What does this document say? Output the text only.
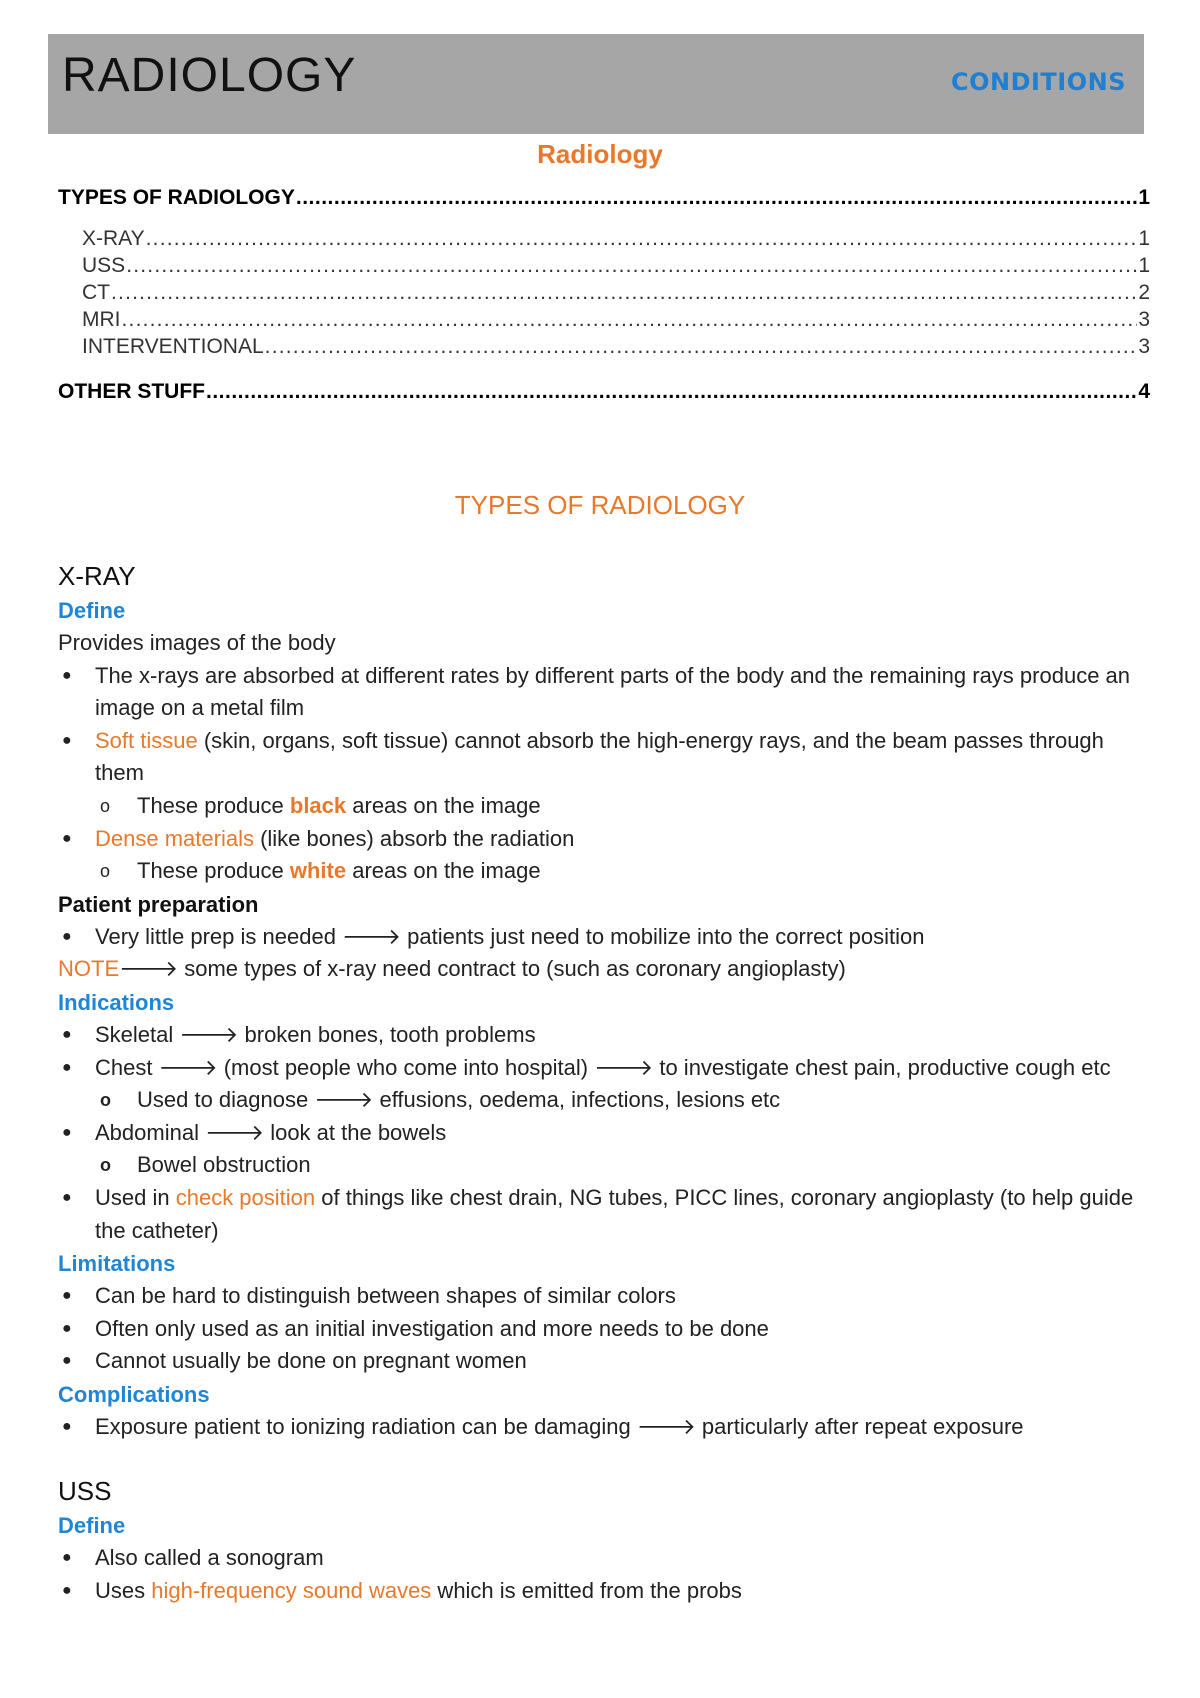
RADIOLOGY	CONDITIONS
Radiology
TYPES OF RADIOLOGY .....	1
X-RAY .....	1
USS .....	1
CT .....	2
MRI .....	3
INTERVENTIONAL .....	3
OTHER STUFF .....	4
TYPES OF RADIOLOGY
X-RAY
Define
Provides images of the body
● The x-rays are absorbed at different rates by different parts of the body and the remaining rays produce an image on a metal film
● Soft tissue (skin, organs, soft tissue) cannot absorb the high-energy rays, and the beam passes through them
o These produce black areas on the image
● Dense materials (like bones) absorb the radiation
o These produce white areas on the image
Patient preparation
● Very little prep is needed 🡒 patients just need to mobilize into the correct position
NOTE🡒 some types of x-ray need contract to (such as coronary angioplasty)
Indications
● Skeletal 🡒 broken bones, tooth problems
● Chest 🡒 (most people who come into hospital) 🡒 to investigate chest pain, productive cough etc
o Used to diagnose 🡒 effusions, oedema, infections, lesions etc
● Abdominal 🡒 look at the bowels
o Bowel obstruction
● Used in check position of things like chest drain, NG tubes, PICC lines, coronary angioplasty (to help guide the catheter)
Limitations
● Can be hard to distinguish between shapes of similar colors
● Often only used as an initial investigation and more needs to be done
● Cannot usually be done on pregnant women
Complications
● Exposure patient to ionizing radiation can be damaging 🡒 particularly after repeat exposure
USS
Define
● Also called a sonogram
● Uses high-frequency sound waves which is emitted from the probs
